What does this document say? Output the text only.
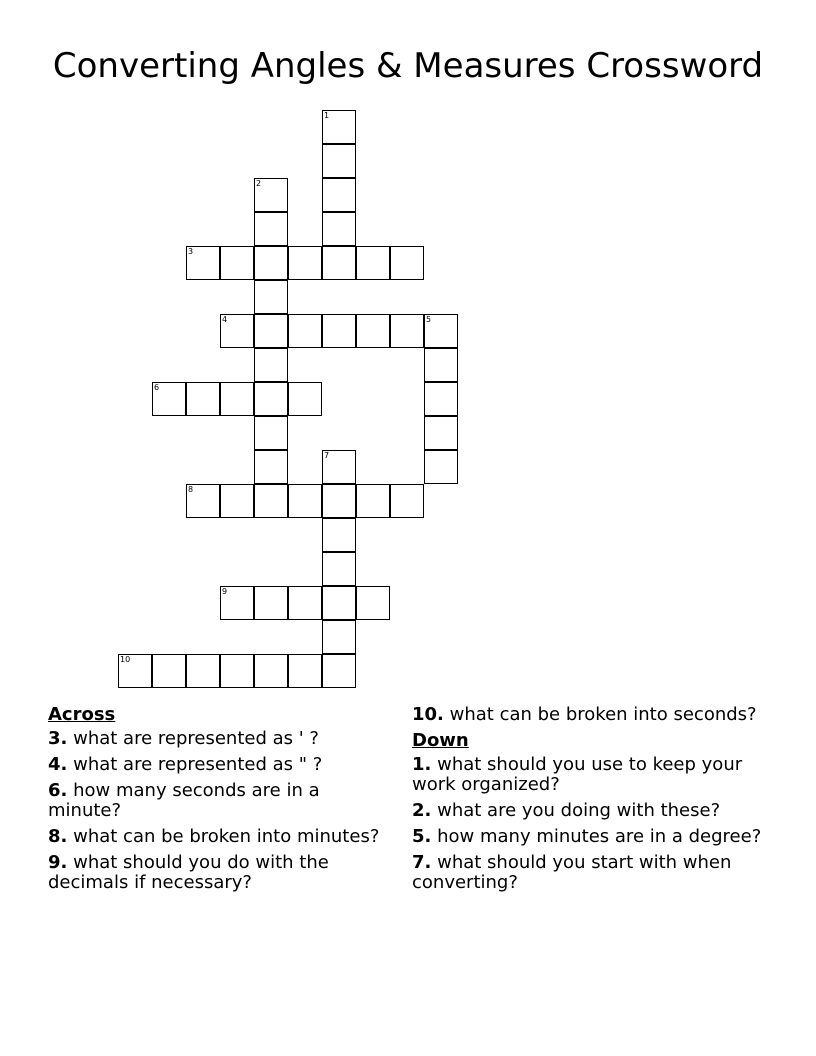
Converting Angles & Measures Crossword
1
2
3
4	5
6
7
8
9
10
Across
3. what are represented as ' ?
4. what are represented as " ?
6. how many seconds are in a minute?
8. what can be broken into minutes?
9. what should you do with the decimals if necessary?
10. what can be broken into seconds?
Down
1. what should you use to keep your work organized?
2. what are you doing with these?
5. how many minutes are in a degree?
7. what should you start with when converting?
